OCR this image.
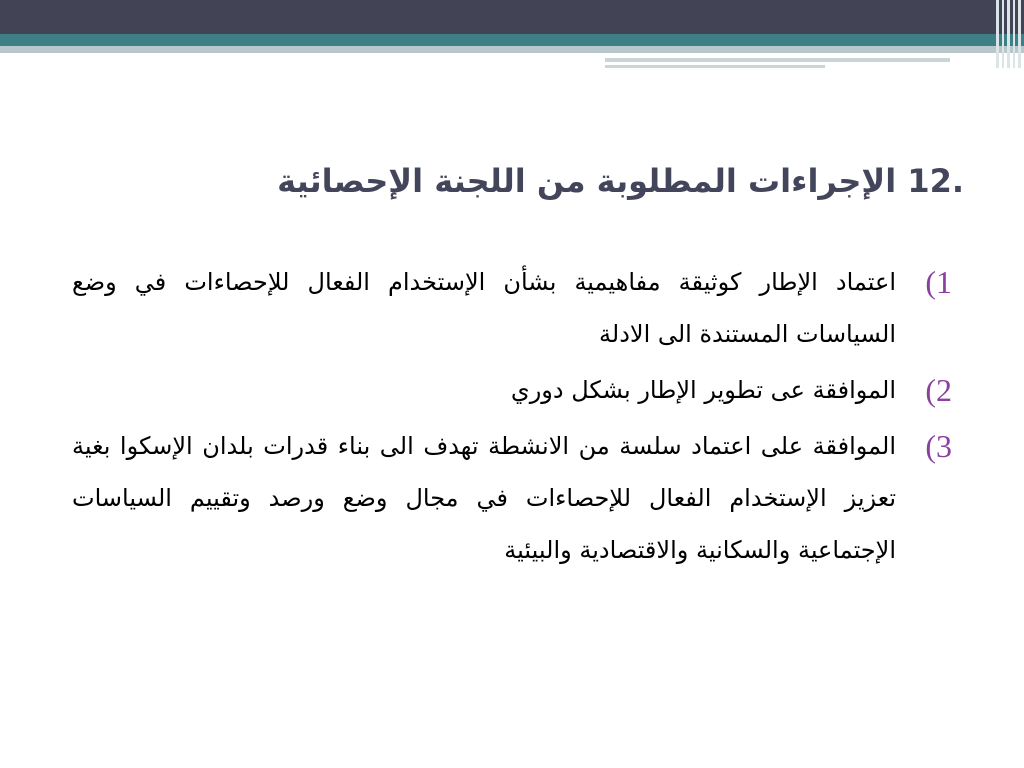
.12 الإجراءات المطلوبة من اللجنة الإحصائية
(1
اعتماد الإطار كوثيقة مفاهيمية بشأن الإستخدام الفعال للإحصاءات في وضع السياسات المستندة الى الادلة
(2
الموافقة عى تطوير الإطار بشكل دوري
(3
الموافقة على اعتماد سلسة من الانشطة تهدف الى بناء قدرات بلدان الإسكوا بغية تعزيز الإستخدام الفعال للإحصاءات في مجال وضع ورصد وتقييم السياسات الإجتماعية والسكانية والاقتصادية والبيئية
